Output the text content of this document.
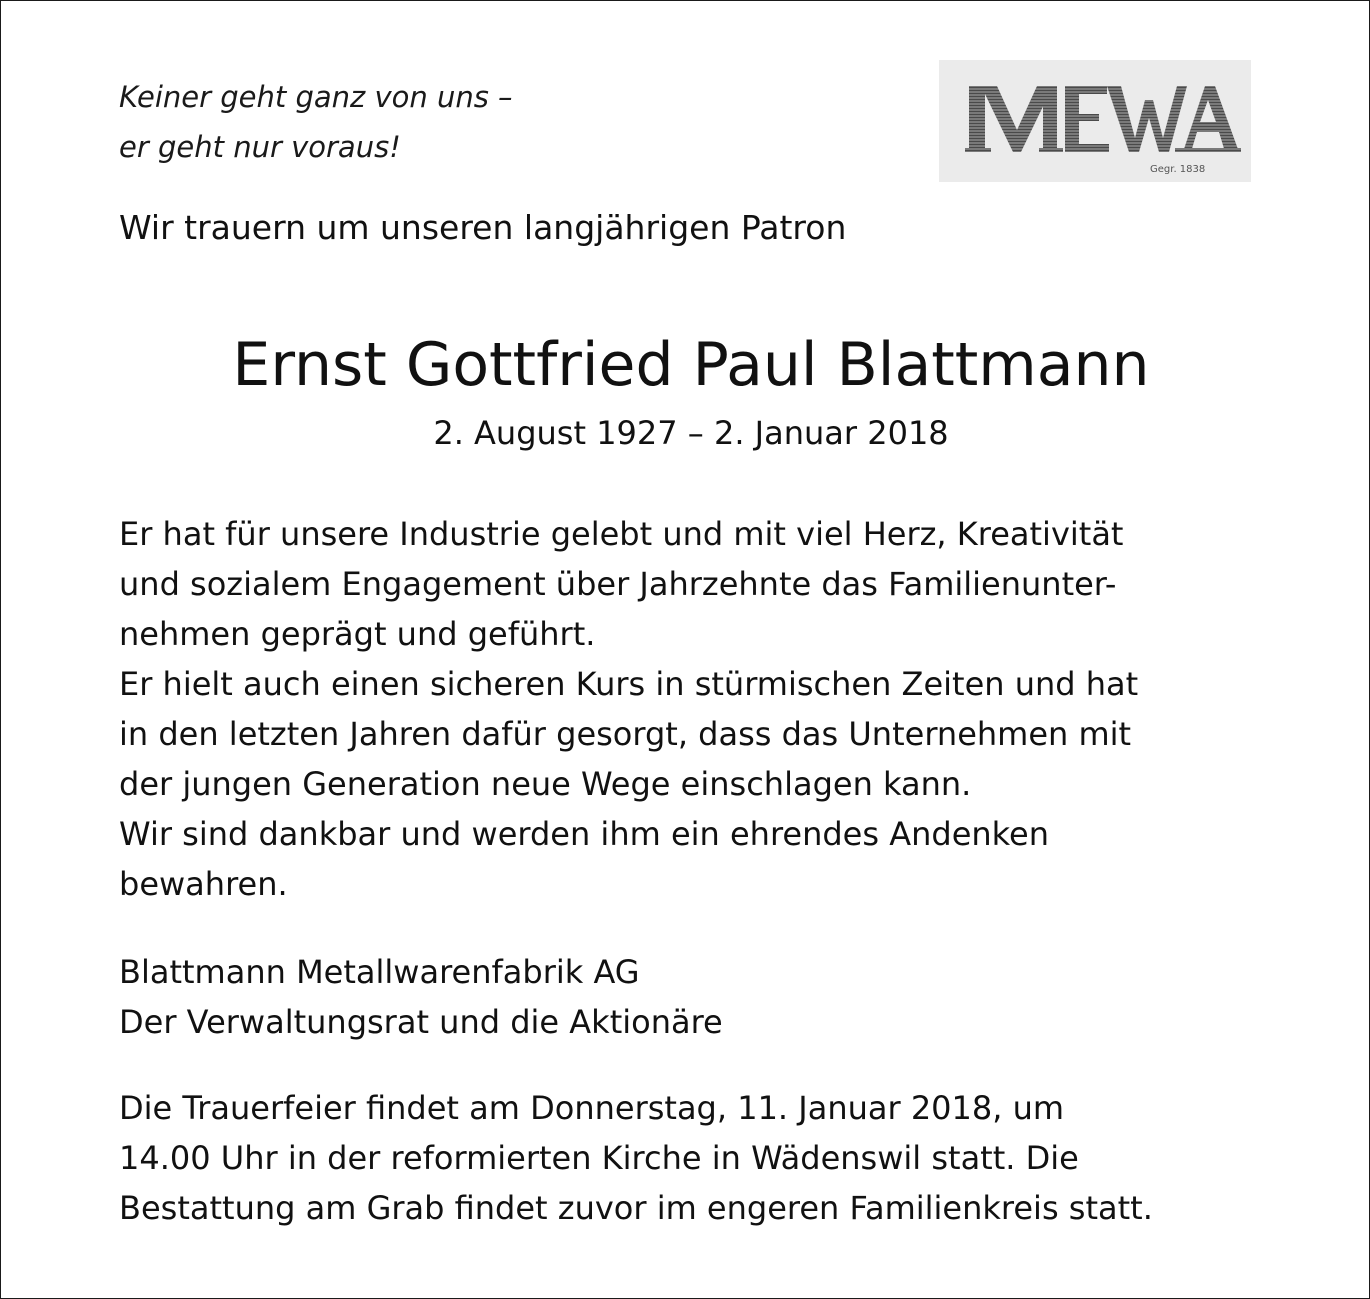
Keiner geht ganz von uns –
er geht nur voraus!
Gegr. 1838
Wir trauern um unseren langjährigen Patron
Ernst Gottfried Paul Blattmann
2. August 1927 – 2. Januar 2018
Er hat für unsere Industrie gelebt und mit viel Herz, Kreativität
und sozialem Engagement über Jahrzehnte das Familienunter-
nehmen geprägt und geführt.
Er hielt auch einen sicheren Kurs in stürmischen Zeiten und hat
in den letzten Jahren dafür gesorgt, dass das Unternehmen mit
der jungen Generation neue Wege einschlagen kann.
Wir sind dankbar und werden ihm ein ehrendes Andenken
bewahren.
Blattmann Metallwarenfabrik AG
Der Verwaltungsrat und die Aktionäre
Die Trauerfeier findet am Donnerstag, 11. Januar 2018, um
14.00 Uhr in der reformierten Kirche in Wädenswil statt. Die
Bestattung am Grab findet zuvor im engeren Familienkreis statt.
